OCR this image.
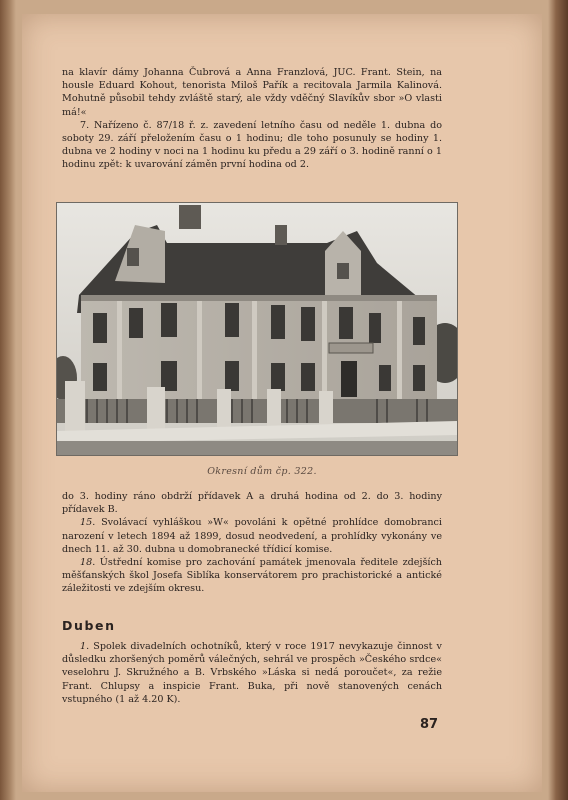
na klavír dámy Johanna Čubrová a Anna Franzlová, JUC. Frant. Stein, na housle Eduard Kohout, tenorista Miloš Pařík a recitovala Jarmila Kalinová. Mohutně působil tehdy zvláště starý, ale vždy vděčný Slavíkův sbor »O vlasti má!«

7. Nařízeno č. 87/18 ř. z. zavedení letního času od neděle 1. dubna do soboty 29. září přeložením času o 1 hodinu; dle toho posunuly se hodiny 1. dubna ve 2 hodiny v noci na 1 hodinu ku předu a 29 září o 3. hodině ranní o 1 hodinu zpět: k uvarování záměn první hodina od 2.

Okresní dům čp. 322.

do 3. hodiny ráno obdrží přídavek A a druhá hodina od 2. do 3. hodiny přídavek B.

15. Svolávací vyhláškou »W« povoláni k opětné prohlídce domobranci narození v letech 1894 až 1899, dosud neodvedení, a prohlídky vykonány ve dnech 11. až 30. dubna u domobranecké třídicí komise.

18. Ústřední komise pro zachování památek jmenovala ředitele zdejších měšťanských škol Josefa Siblíka konservátorem pro prachistorické a antické záležitosti ve zdejším okresu.

Duben

1. Spolek divadelních ochotníků, který v roce 1917 nevykazuje činnost v důsledku zhoršených poměrů válečných, sehrál ve prospěch »Českého srdce« veselohru J. Skružného a B. Vrbského »Láska si nedá poroučet«, za režie Frant. Chlupsy a inspicie Frant. Buka, při nově stanovených cenách vstupného (1 až 4.20 K).

87
